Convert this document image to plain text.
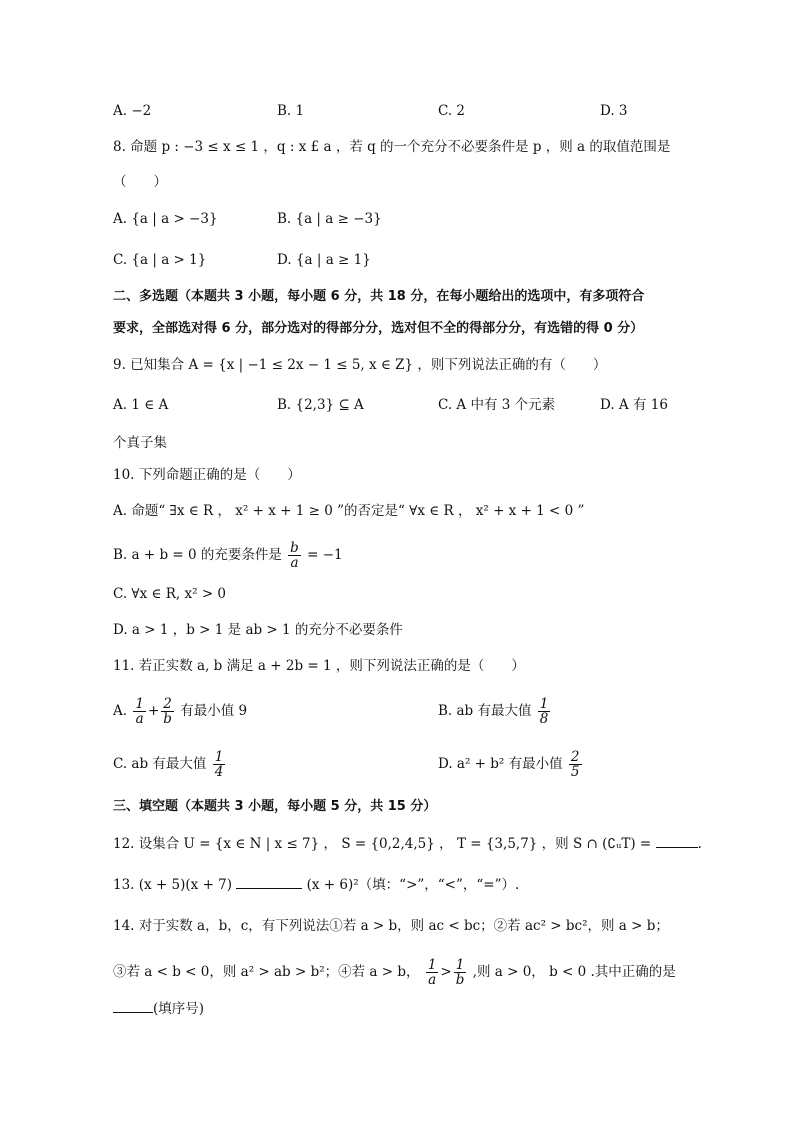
A. −2	B. 1	C. 2	D. 3
8. 命题 p : −3 ≤ x ≤ 1 ，q : x £ a ，若 q 的一个充分不必要条件是 p ，则 a 的取值范围是
（　　）
A. {a | a > −3}	B. {a | a ≥ −3}
C. {a | a > 1}	D. {a | a ≥ 1}
二、多选题（本题共 3 小题，每小题 6 分，共 18 分，在每小题给出的选项中，有多项符合
要求，全部选对得 6 分，部分选对的得部分分，选对但不全的得部分分，有选错的得 0 分）
9. 已知集合 A = {x | −1 ≤ 2x − 1 ≤ 5, x ∈ Z} ，则下列说法正确的有（　　）
A. 1 ∈ A	B. {2,3} ⊆ A	C. A 中有 3 个元素	D. A 有 16
个真子集
10. 下列命题正确的是（　　）
A. 命题“ ∃x ∈ R ， x² + x + 1 ≥ 0 ”的否定是“ ∀x ∈ R ， x² + x + 1 < 0 ”
B. a + b = 0 的充要条件是 $\frac{b}{a} = -1$
C. ∀x ∈ R, x² > 0
D. a > 1 ，b > 1 是 ab > 1 的充分不必要条件
11. 若正实数 a, b 满足 a + 2b = 1 ，则下列说法正确的是（　　）
A. $\frac{1}{a} + \frac{2}{b}$ 有最小值 9	B. ab 有最大值 $\frac{1}{8}$
C. ab 有最大值 $\frac{1}{4}$	D. a² + b² 有最小值 $\frac{2}{5}$
三、填空题（本题共 3 小题，每小题 5 分，共 15 分）
12. 设集合 U = {x ∈ N | x ≤ 7} ， S = {0,2,4,5} ， T = {3,5,7} ，则 S ∩ (∁ᵤT) =	.
13. (x + 5)(x + 7)	(x + 6)²（填：“>”，“<”，“=”）.
14. 对于实数 a，b，c，有下列说法①若 a > b，则 ac < bc；②若 ac² > bc²，则 a > b；
③若 a < b < 0，则 a² > ab > b²；④若 a > b， $\frac{1}{a} > \frac{1}{b}$ ,则 a > 0， b < 0 .其中正确的是
(填序号)
